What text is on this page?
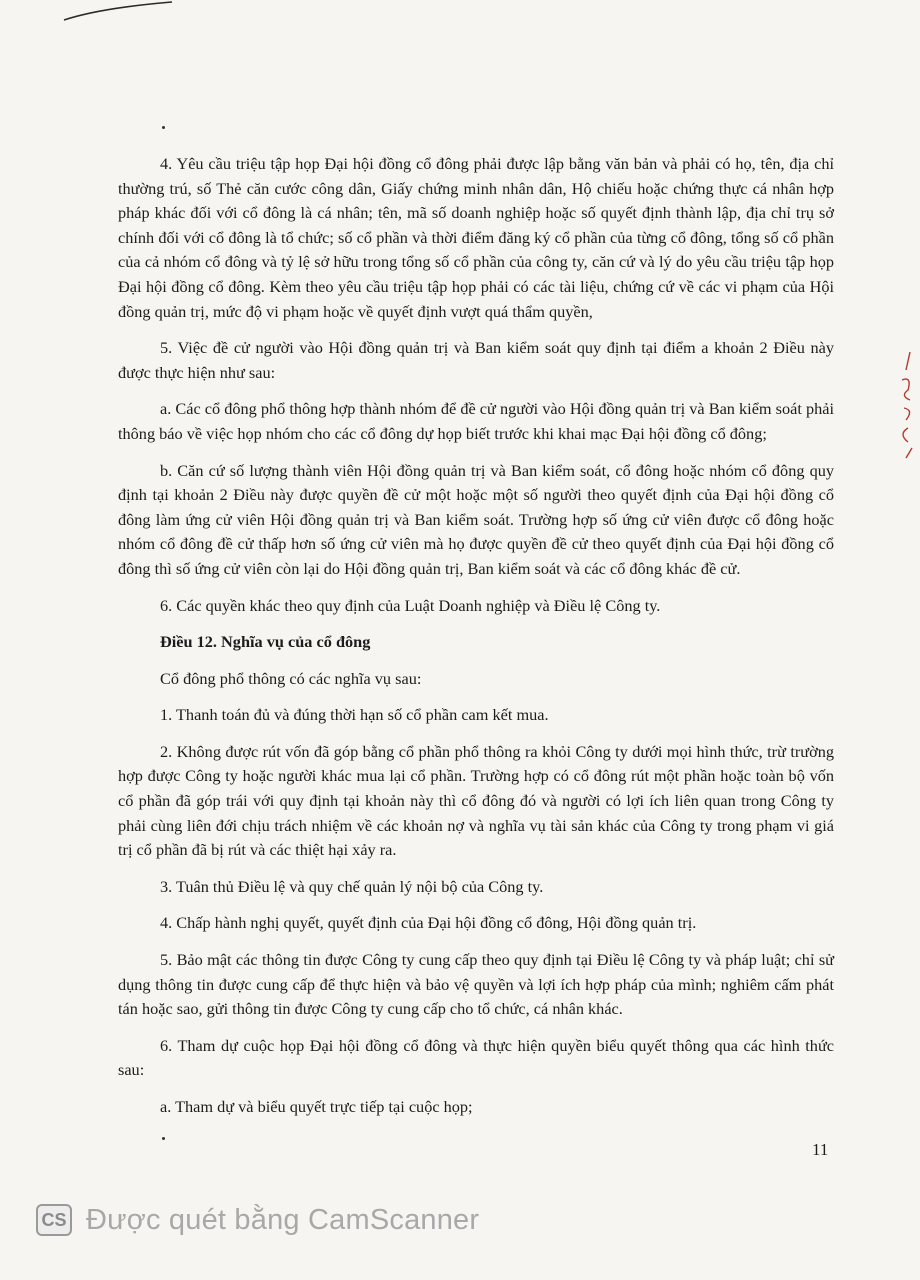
4. Yêu cầu triệu tập họp Đại hội đồng cổ đông phải được lập bằng văn bản và phải có họ, tên, địa chỉ thường trú, số Thẻ căn cước công dân, Giấy chứng minh nhân dân, Hộ chiếu hoặc chứng thực cá nhân hợp pháp khác đối với cổ đông là cá nhân; tên, mã số doanh nghiệp hoặc số quyết định thành lập, địa chỉ trụ sở chính đối với cổ đông là tổ chức; số cổ phần và thời điểm đăng ký cổ phần của từng cổ đông, tổng số cổ phần của cả nhóm cổ đông và tỷ lệ sở hữu trong tổng số cổ phần của công ty, căn cứ và lý do yêu cầu triệu tập họp Đại hội đồng cổ đông. Kèm theo yêu cầu triệu tập họp phải có các tài liệu, chứng cứ về các vi phạm của Hội đồng quản trị, mức độ vi phạm hoặc về quyết định vượt quá thẩm quyền,

5. Việc đề cử người vào Hội đồng quản trị và Ban kiểm soát quy định tại điểm a khoản 2 Điều này được thực hiện như sau:

a. Các cổ đông phổ thông hợp thành nhóm để đề cử người vào Hội đồng quản trị và Ban kiểm soát phải thông báo về việc họp nhóm cho các cổ đông dự họp biết trước khi khai mạc Đại hội đồng cổ đông;

b. Căn cứ số lượng thành viên Hội đồng quản trị và Ban kiểm soát, cổ đông hoặc nhóm cổ đông quy định tại khoản 2 Điều này được quyền đề cử một hoặc một số người theo quyết định của Đại hội đồng cổ đông làm ứng cử viên Hội đồng quản trị và Ban kiểm soát. Trường hợp số ứng cử viên được cổ đông hoặc nhóm cổ đông đề cử thấp hơn số ứng cử viên mà họ được quyền đề cử theo quyết định của Đại hội đồng cổ đông thì số ứng cử viên còn lại do Hội đồng quản trị, Ban kiểm soát và các cổ đông khác đề cử.

6. Các quyền khác theo quy định của Luật Doanh nghiệp và Điều lệ Công ty.

Điều 12. Nghĩa vụ của cổ đông

Cổ đông phổ thông có các nghĩa vụ sau:

1. Thanh toán đủ và đúng thời hạn số cổ phần cam kết mua.

2. Không được rút vốn đã góp bằng cổ phần phổ thông ra khỏi Công ty dưới mọi hình thức, trừ trường hợp được Công ty hoặc người khác mua lại cổ phần. Trường hợp có cổ đông rút một phần hoặc toàn bộ vốn cổ phần đã góp trái với quy định tại khoản này thì cổ đông đó và người có lợi ích liên quan trong Công ty phải cùng liên đới chịu trách nhiệm về các khoản nợ và nghĩa vụ tài sản khác của Công ty trong phạm vi giá trị cổ phần đã bị rút và các thiệt hại xảy ra.

3. Tuân thủ Điều lệ và quy chế quản lý nội bộ của Công ty.

4. Chấp hành nghị quyết, quyết định của Đại hội đồng cổ đông, Hội đồng quản trị.

5. Bảo mật các thông tin được Công ty cung cấp theo quy định tại Điều lệ Công ty và pháp luật; chỉ sử dụng thông tin được cung cấp để thực hiện và bảo vệ quyền và lợi ích hợp pháp của mình; nghiêm cấm phát tán hoặc sao, gửi thông tin được Công ty cung cấp cho tổ chức, cá nhân khác.

6. Tham dự cuộc họp Đại hội đồng cổ đông và thực hiện quyền biểu quyết thông qua các hình thức sau:

a. Tham dự và biểu quyết trực tiếp tại cuộc họp;

11
CS Được quét bằng CamScanner
